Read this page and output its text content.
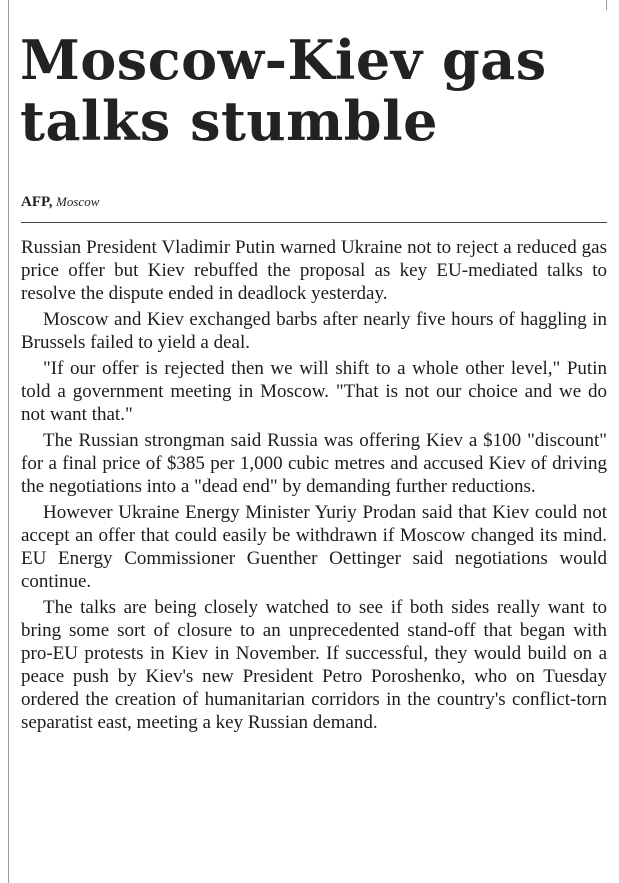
Moscow-Kiev gas talks stumble
AFP, Moscow

Russian President Vladimir Putin warned Ukraine not to reject a reduced gas price offer but Kiev rebuffed the proposal as key EU-mediated talks to resolve the dispute ended in deadlock yesterday.

Moscow and Kiev exchanged barbs after nearly five hours of haggling in Brussels failed to yield a deal.

"If our offer is rejected then we will shift to a whole other level," Putin told a government meeting in Moscow. "That is not our choice and we do not want that."

The Russian strongman said Russia was offering Kiev a $100 "discount" for a final price of $385 per 1,000 cubic metres and accused Kiev of driving the negotiations into a "dead end" by demanding further reductions.

However Ukraine Energy Minister Yuriy Prodan said that Kiev could not accept an offer that could easily be withdrawn if Moscow changed its mind. EU Energy Commissioner Guenther Oettinger said negotiations would continue.

The talks are being closely watched to see if both sides really want to bring some sort of closure to an unprecedented stand-off that began with pro-EU protests in Kiev in November. If successful, they would build on a peace push by Kiev's new President Petro Poroshenko, who on Tuesday ordered the creation of humanitarian corridors in the country's conflict-torn separatist east, meeting a key Russian demand.
